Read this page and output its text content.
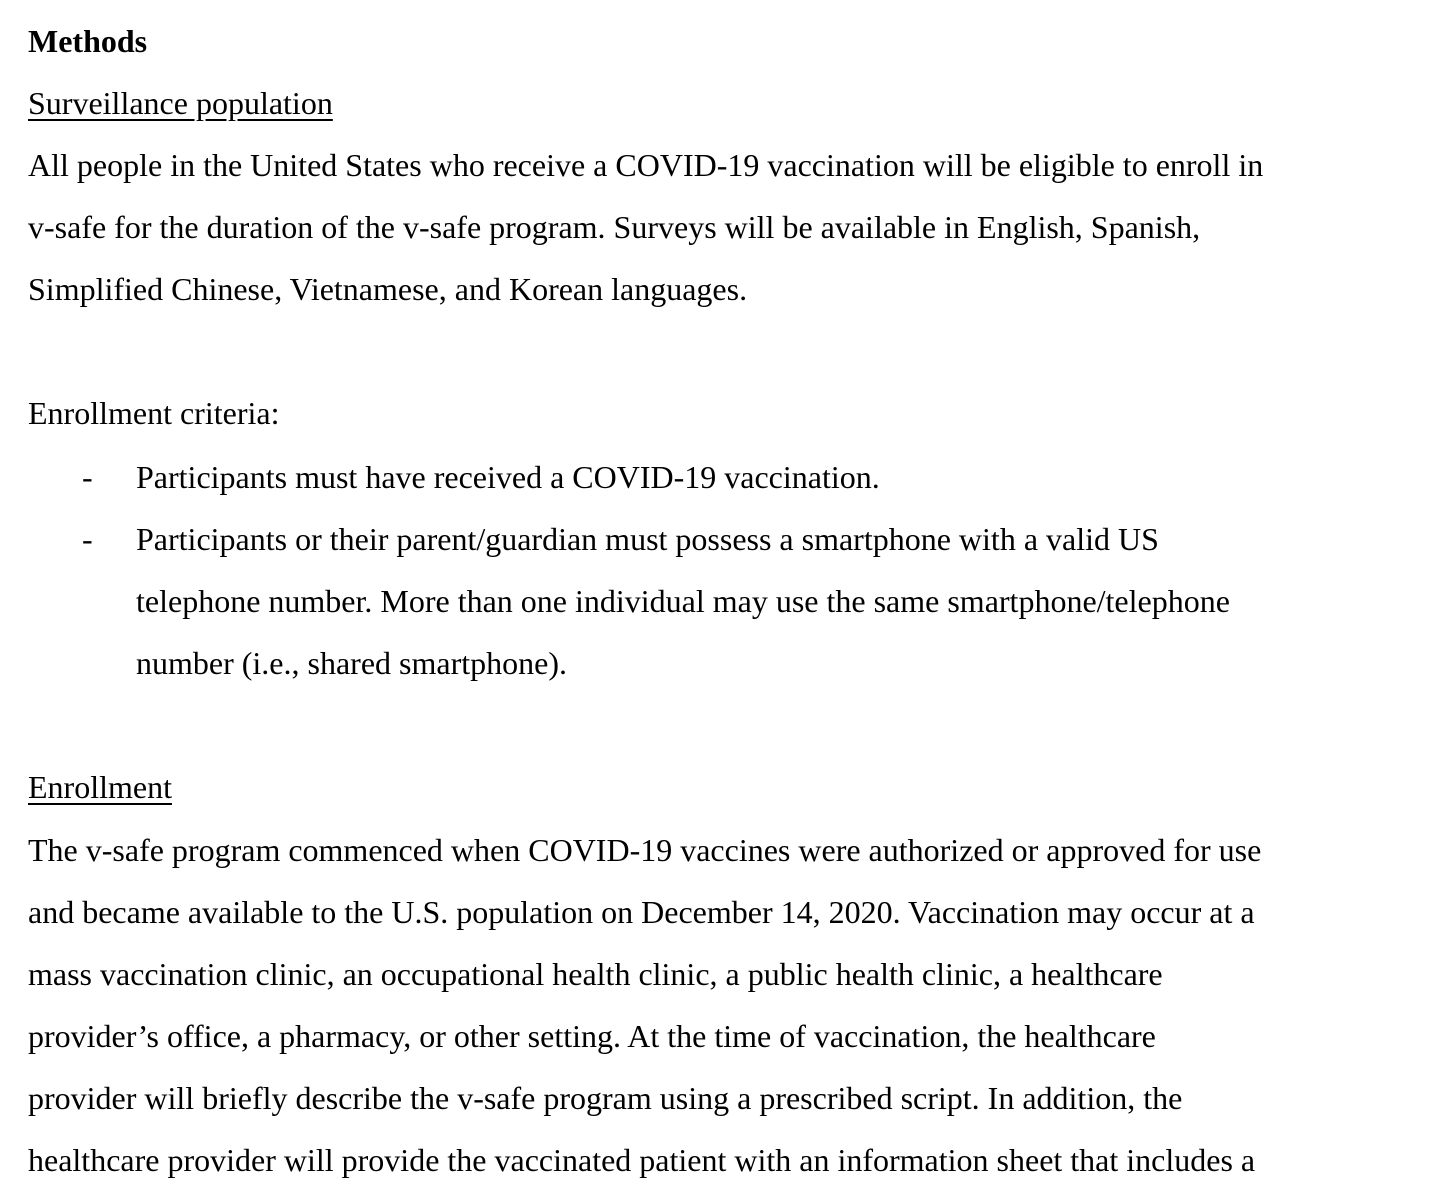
Methods
Surveillance population
All people in the United States who receive a COVID-19 vaccination will be eligible to enroll in
v-safe for the duration of the v-safe program. Surveys will be available in English, Spanish,
Simplified Chinese, Vietnamese, and Korean languages.
Enrollment criteria:
- Participants must have received a COVID-19 vaccination.
- Participants or their parent/guardian must possess a smartphone with a valid US
telephone number. More than one individual may use the same smartphone/telephone
number (i.e., shared smartphone).
Enrollment
The v-safe program commenced when COVID-19 vaccines were authorized or approved for use
and became available to the U.S. population on December 14, 2020. Vaccination may occur at a
mass vaccination clinic, an occupational health clinic, a public health clinic, a healthcare
provider’s office, a pharmacy, or other setting. At the time of vaccination, the healthcare
provider will briefly describe the v-safe program using a prescribed script. In addition, the
healthcare provider will provide the vaccinated patient with an information sheet that includes a
